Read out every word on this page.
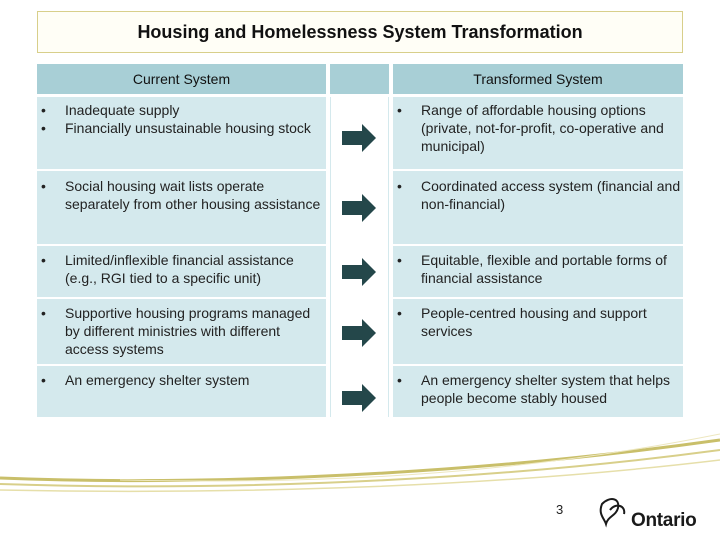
Housing and Homelessness System Transformation
Current System	Transformed System
• Inadequate supply
• Financially unsustainable housing stock
• Social housing wait lists operate separately from other housing assistance
• Limited/inflexible financial assistance (e.g., RGI tied to a specific unit)
• Supportive housing programs managed by different ministries with different access systems
• An emergency shelter system
• Range of affordable housing options (private, not-for-profit, co-operative and municipal)
• Coordinated access system (financial and non-financial)
• Equitable, flexible and portable forms of financial assistance
• People-centred housing and support services
• An emergency shelter system that helps people become stably housed
3
Ontario
